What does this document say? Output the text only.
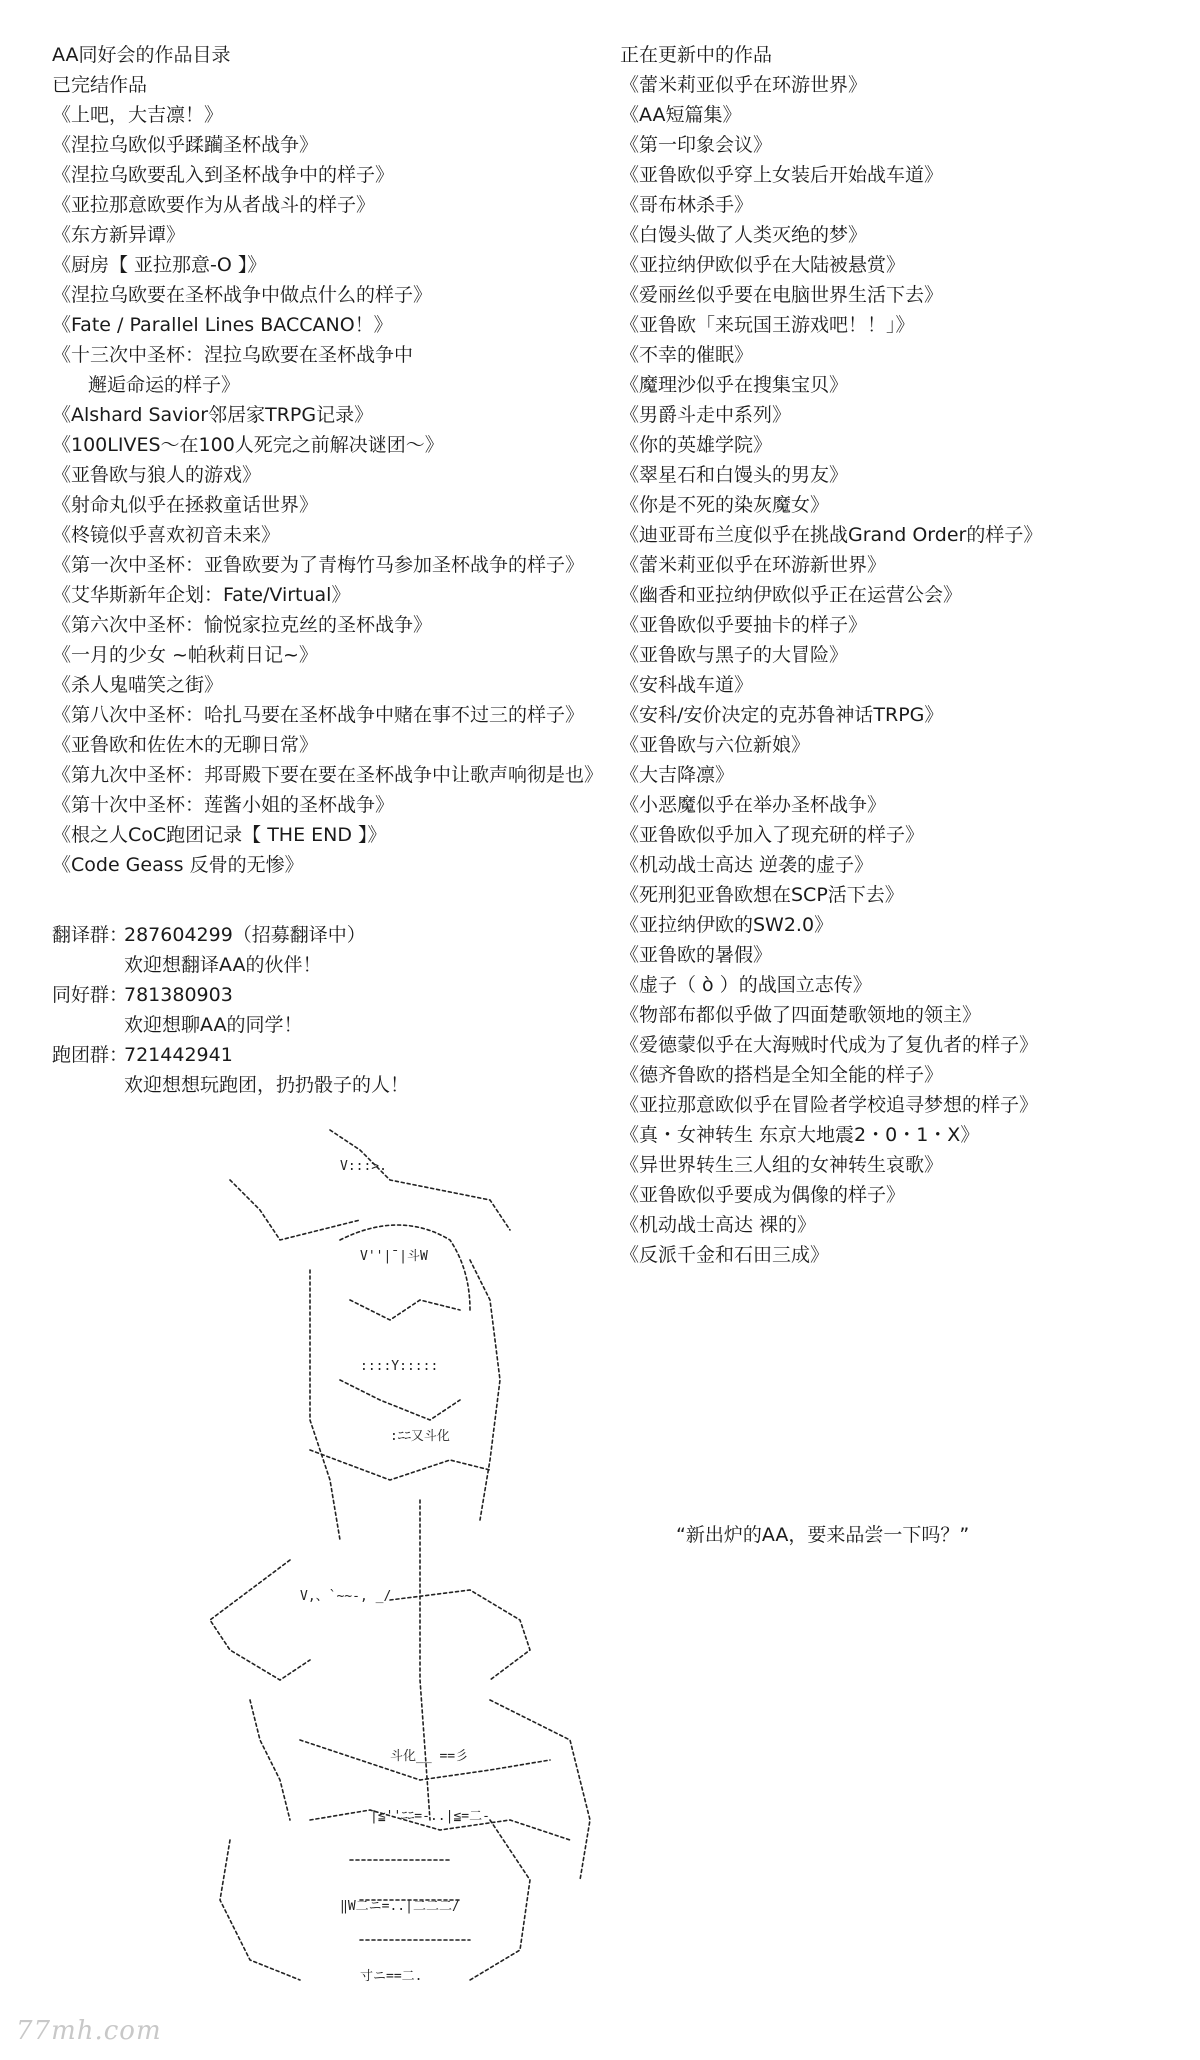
AA同好会的作品目录
已完结作品
《上吧，大吉凛！》
《涅拉乌欧似乎蹂躏圣杯战争》
《涅拉乌欧要乱入到圣杯战争中的样子》
《亚拉那意欧要作为从者战斗的样子》
《东方新异谭》
《厨房【 亚拉那意-O 】》
《涅拉乌欧要在圣杯战争中做点什么的样子》
《Fate / Parallel Lines BACCANO！》
《十三次中圣杯：涅拉乌欧要在圣杯战争中
邂逅命运的样子》
《Alshard Savior邻居家TRPG记录》
《100LIVES～在100人死完之前解决谜团～》
《亚鲁欧与狼人的游戏》
《射命丸似乎在拯救童话世界》
《柊镜似乎喜欢初音未来》
《第一次中圣杯：亚鲁欧要为了青梅竹马参加圣杯战争的样子》
《艾华斯新年企划：Fate/Virtual》
《第六次中圣杯：愉悦家拉克丝的圣杯战争》
《一月的少女 ~帕秋莉日记~》
《杀人鬼喵笑之街》
《第八次中圣杯：哈扎马要在圣杯战争中赌在事不过三的样子》
《亚鲁欧和佐佐木的无聊日常》
《第九次中圣杯：邦哥殿下要在要在圣杯战争中让歌声响彻是也》
《第十次中圣杯：莲酱小姐的圣杯战争》
《根之人CoC跑团记录【 THE END 】》
《Code Geass 反骨的无惨》
正在更新中的作品
《蕾米莉亚似乎在环游世界》
《AA短篇集》
《第一印象会议》
《亚鲁欧似乎穿上女装后开始战车道》
《哥布林杀手》
《白馒头做了人类灭绝的梦》
《亚拉纳伊欧似乎在大陆被悬赏》
《爱丽丝似乎要在电脑世界生活下去》
《亚鲁欧「来玩国王游戏吧！！」》
《不幸的催眠》
《魔理沙似乎在搜集宝贝》
《男爵斗走中系列》
《你的英雄学院》
《翠星石和白馒头的男友》
《你是不死的染灰魔女》
《迪亚哥布兰度似乎在挑战Grand Order的样子》
《蕾米莉亚似乎在环游新世界》
《幽香和亚拉纳伊欧似乎正在运营公会》
《亚鲁欧似乎要抽卡的样子》
《亚鲁欧与黑子的大冒险》
《安科战车道》
《安科/安价决定的克苏鲁神话TRPG》
《亚鲁欧与六位新娘》
《大吉降凛》
《小恶魔似乎在举办圣杯战争》
《亚鲁欧似乎加入了现充研的样子》
《机动战士高达 逆袭的虚子》
《死刑犯亚鲁欧想在SCP活下去》
《亚拉纳伊欧的SW2.0》
《亚鲁欧的暑假》
《虚子（ ò ）的战国立志传》
《物部布都似乎做了四面楚歌领地的领主》
《爱德蒙似乎在大海贼时代成为了复仇者的样子》
《德齐鲁欧的搭档是全知全能的样子》
《亚拉那意欧似乎在冒险者学校追寻梦想的样子》
《真・女神转生 东京大地震2・0・1・X》
《异世界转生三人组的女神转生哀歌》
《亚鲁欧似乎要成为偶像的样子》
《机动战士高达 裸的》
《反派千金和石田三成》
翻译群：287604299（招募翻译中）
欢迎想翻译AA的伙伴！
同好群：781380903
欢迎想聊AA的同学！
跑团群：721442941
欢迎想想玩跑团，扔扔骰子的人！
V:::>.
V''|¯|斗W
::::Y:::::
:ﾆﾆ又斗化
V,、`~~-, _/
斗化__ ==彡
|≦''ﾆﾆ=-..|≦=二-
‖W二ニ=..|二二二/
寸ニ==二.
“新出炉的AA，要来品尝一下吗？”
77mh.com
